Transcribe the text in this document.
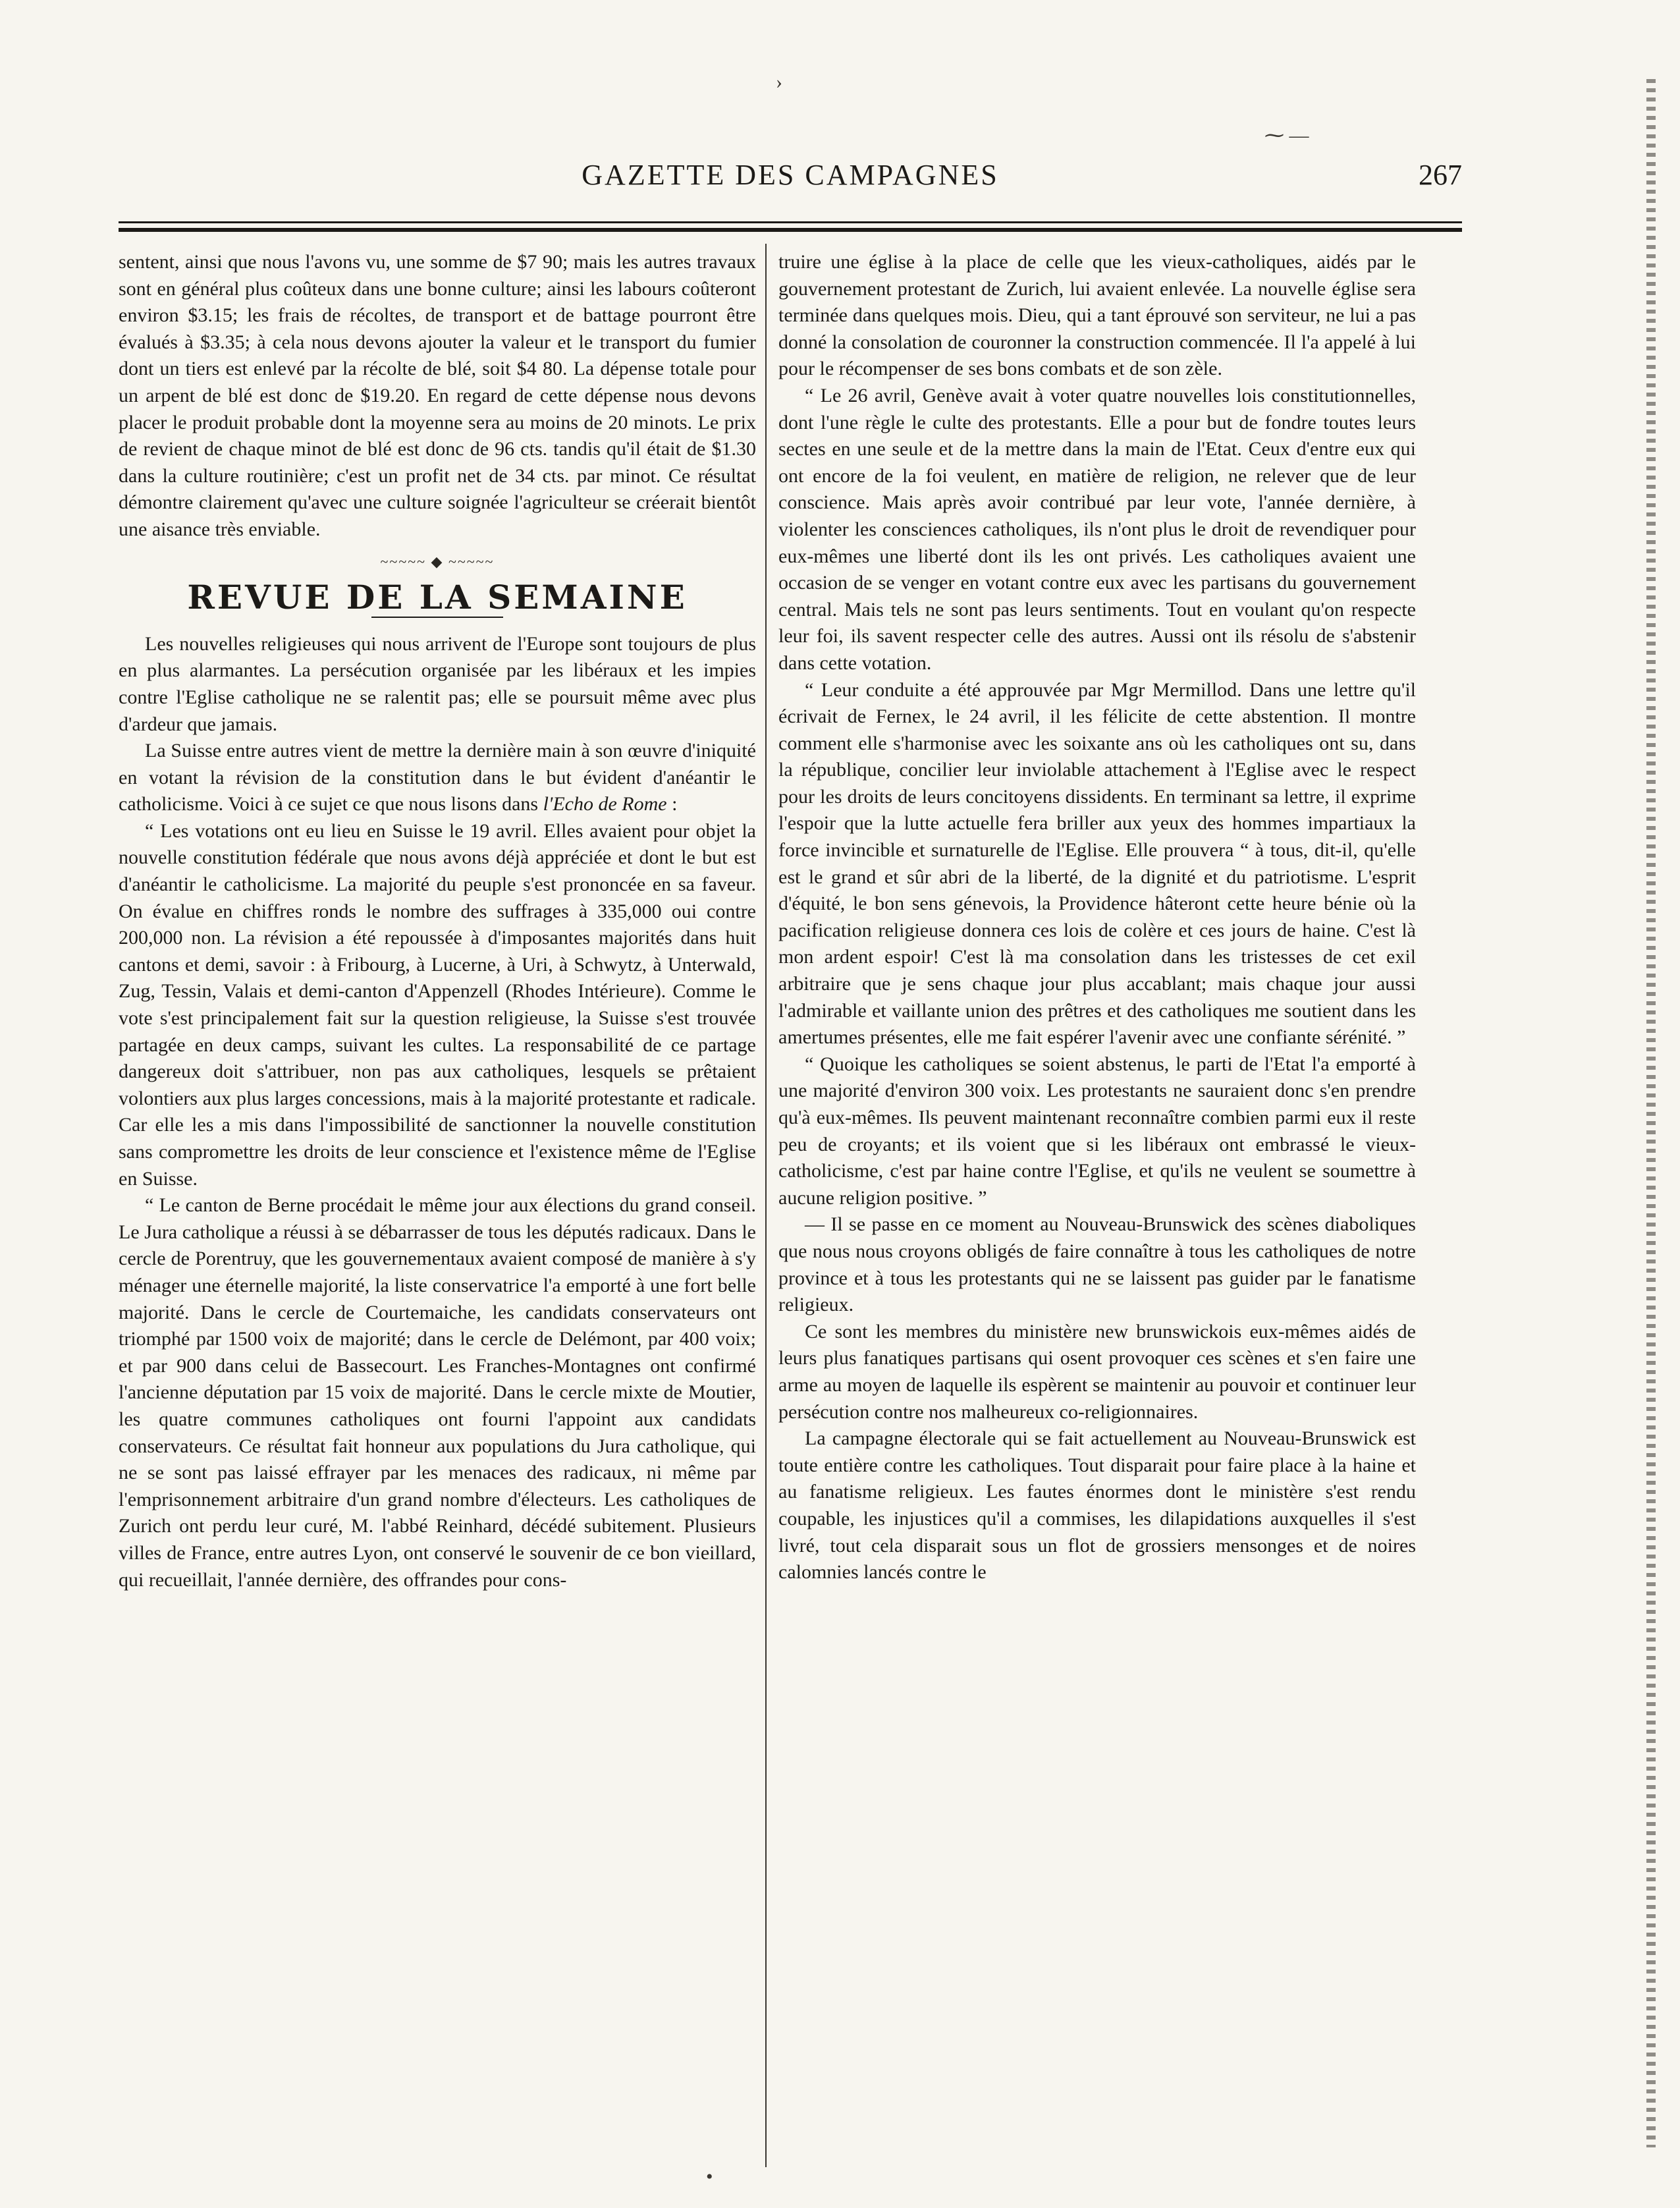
›
⁓ —
GAZETTE DES CAMPAGNES	267

sentent, ainsi que nous l'avons vu, une somme de $7 90; mais les autres travaux sont en général plus coûteux dans une bonne culture; ainsi les labours coûteront environ $3.15; les frais de récoltes, de transport et de battage pourront être évalués à $3.35; à cela nous devons ajouter la valeur et le transport du fumier dont un tiers est enlevé par la récolte de blé, soit $4 80. La dépense totale pour un arpent de blé est donc de $19.20. En regard de cette dépense nous devons placer le produit probable dont la moyenne sera au moins de 20 minots. Le prix de revient de chaque minot de blé est donc de 96 cts. tandis qu'il était de $1.30 dans la culture routinière; c'est un profit net de 34 cts. par minot. Ce résultat démontre clairement qu'avec une culture soignée l'agriculteur se créerait bientôt une aisance très enviable.

~~~~~ ◆ ~~~~~
REVUE DE LA SEMAINE

Les nouvelles religieuses qui nous arrivent de l'Europe sont toujours de plus en plus alarmantes. La persécution organisée par les libéraux et les impies contre l'Eglise catholique ne se ralentit pas; elle se poursuit même avec plus d'ardeur que jamais.

La Suisse entre autres vient de mettre la dernière main à son œuvre d'iniquité en votant la révision de la constitution dans le but évident d'anéantir le catholicisme. Voici à ce sujet ce que nous lisons dans l'Echo de Rome :

“ Les votations ont eu lieu en Suisse le 19 avril. Elles avaient pour objet la nouvelle constitution fédérale que nous avons déjà appréciée et dont le but est d'anéantir le catholicisme. La majorité du peuple s'est prononcée en sa faveur. On évalue en chiffres ronds le nombre des suffrages à 335,000 oui contre 200,000 non. La révision a été repoussée à d'imposantes majorités dans huit cantons et demi, savoir : à Fribourg, à Lucerne, à Uri, à Schwytz, à Unterwald, Zug, Tessin, Valais et demi-canton d'Appenzell (Rhodes Intérieure). Comme le vote s'est principalement fait sur la question religieuse, la Suisse s'est trouvée partagée en deux camps, suivant les cultes. La responsabilité de ce partage dangereux doit s'attribuer, non pas aux catholiques, lesquels se prêtaient volontiers aux plus larges concessions, mais à la majorité protestante et radicale. Car elle les a mis dans l'impossibilité de sanctionner la nouvelle constitution sans compromettre les droits de leur conscience et l'existence même de l'Eglise en Suisse.

“ Le canton de Berne procédait le même jour aux élections du grand conseil. Le Jura catholique a réussi à se débarrasser de tous les députés radicaux. Dans le cercle de Porentruy, que les gouvernementaux avaient composé de manière à s'y ménager une éternelle majorité, la liste conservatrice l'a emporté à une fort belle majorité. Dans le cercle de Courtemaiche, les candidats conservateurs ont triomphé par 1500 voix de majorité; dans le cercle de Delémont, par 400 voix; et par 900 dans celui de Bassecourt. Les Franches-Montagnes ont confirmé l'ancienne députation par 15 voix de majorité. Dans le cercle mixte de Moutier, les quatre communes catholiques ont fourni l'appoint aux candidats conservateurs. Ce résultat fait honneur aux populations du Jura catholique, qui ne se sont pas laissé effrayer par les menaces des radicaux, ni même par l'emprisonnement arbitraire d'un grand nombre d'électeurs. Les catholiques de Zurich ont perdu leur curé, M. l'abbé Reinhard, décédé subitement. Plusieurs villes de France, entre autres Lyon, ont conservé le souvenir de ce bon vieillard, qui recueillait, l'année dernière, des offrandes pour cons-

truire une église à la place de celle que les vieux-catholiques, aidés par le gouvernement protestant de Zurich, lui avaient enlevée. La nouvelle église sera terminée dans quelques mois. Dieu, qui a tant éprouvé son serviteur, ne lui a pas donné la consolation de couronner la construction commencée. Il l'a appelé à lui pour le récompenser de ses bons combats et de son zèle.

“ Le 26 avril, Genève avait à voter quatre nouvelles lois constitutionnelles, dont l'une règle le culte des protestants. Elle a pour but de fondre toutes leurs sectes en une seule et de la mettre dans la main de l'Etat. Ceux d'entre eux qui ont encore de la foi veulent, en matière de religion, ne relever que de leur conscience. Mais après avoir contribué par leur vote, l'année dernière, à violenter les consciences catholiques, ils n'ont plus le droit de revendiquer pour eux-mêmes une liberté dont ils les ont privés. Les catholiques avaient une occasion de se venger en votant contre eux avec les partisans du gouvernement central. Mais tels ne sont pas leurs sentiments. Tout en voulant qu'on respecte leur foi, ils savent respecter celle des autres. Aussi ont ils résolu de s'abstenir dans cette votation.

“ Leur conduite a été approuvée par Mgr Mermillod. Dans une lettre qu'il écrivait de Fernex, le 24 avril, il les félicite de cette abstention. Il montre comment elle s'harmonise avec les soixante ans où les catholiques ont su, dans la république, concilier leur inviolable attachement à l'Eglise avec le respect pour les droits de leurs concitoyens dissidents. En terminant sa lettre, il exprime l'espoir que la lutte actuelle fera briller aux yeux des hommes impartiaux la force invincible et surnaturelle de l'Eglise. Elle prouvera “ à tous, dit-il, qu'elle est le grand et sûr abri de la liberté, de la dignité et du patriotisme. L'esprit d'équité, le bon sens génevois, la Providence hâteront cette heure bénie où la pacification religieuse donnera ces lois de colère et ces jours de haine. C'est là mon ardent espoir! C'est là ma consolation dans les tristesses de cet exil arbitraire que je sens chaque jour plus accablant; mais chaque jour aussi l'admirable et vaillante union des prêtres et des catholiques me soutient dans les amertumes présentes, elle me fait espérer l'avenir avec une confiante sérénité. ”

“ Quoique les catholiques se soient abstenus, le parti de l'Etat l'a emporté à une majorité d'environ 300 voix. Les protestants ne sauraient donc s'en prendre qu'à eux-mêmes. Ils peuvent maintenant reconnaître combien parmi eux il reste peu de croyants; et ils voient que si les libéraux ont embrassé le vieux-catholicisme, c'est par haine contre l'Eglise, et qu'ils ne veulent se soumettre à aucune religion positive. ”

— Il se passe en ce moment au Nouveau-Brunswick des scènes diaboliques que nous nous croyons obligés de faire connaître à tous les catholiques de notre province et à tous les protestants qui ne se laissent pas guider par le fanatisme religieux.

Ce sont les membres du ministère new brunswickois eux-mêmes aidés de leurs plus fanatiques partisans qui osent provoquer ces scènes et s'en faire une arme au moyen de laquelle ils espèrent se maintenir au pouvoir et continuer leur persécution contre nos malheureux co-religionnaires.

La campagne électorale qui se fait actuellement au Nouveau-Brunswick est toute entière contre les catholiques. Tout disparait pour faire place à la haine et au fanatisme religieux. Les fautes énormes dont le ministère s'est rendu coupable, les injustices qu'il a commises, les dilapidations auxquelles il s'est livré, tout cela disparait sous un flot de grossiers mensonges et de noires calomnies lancés contre le

•
